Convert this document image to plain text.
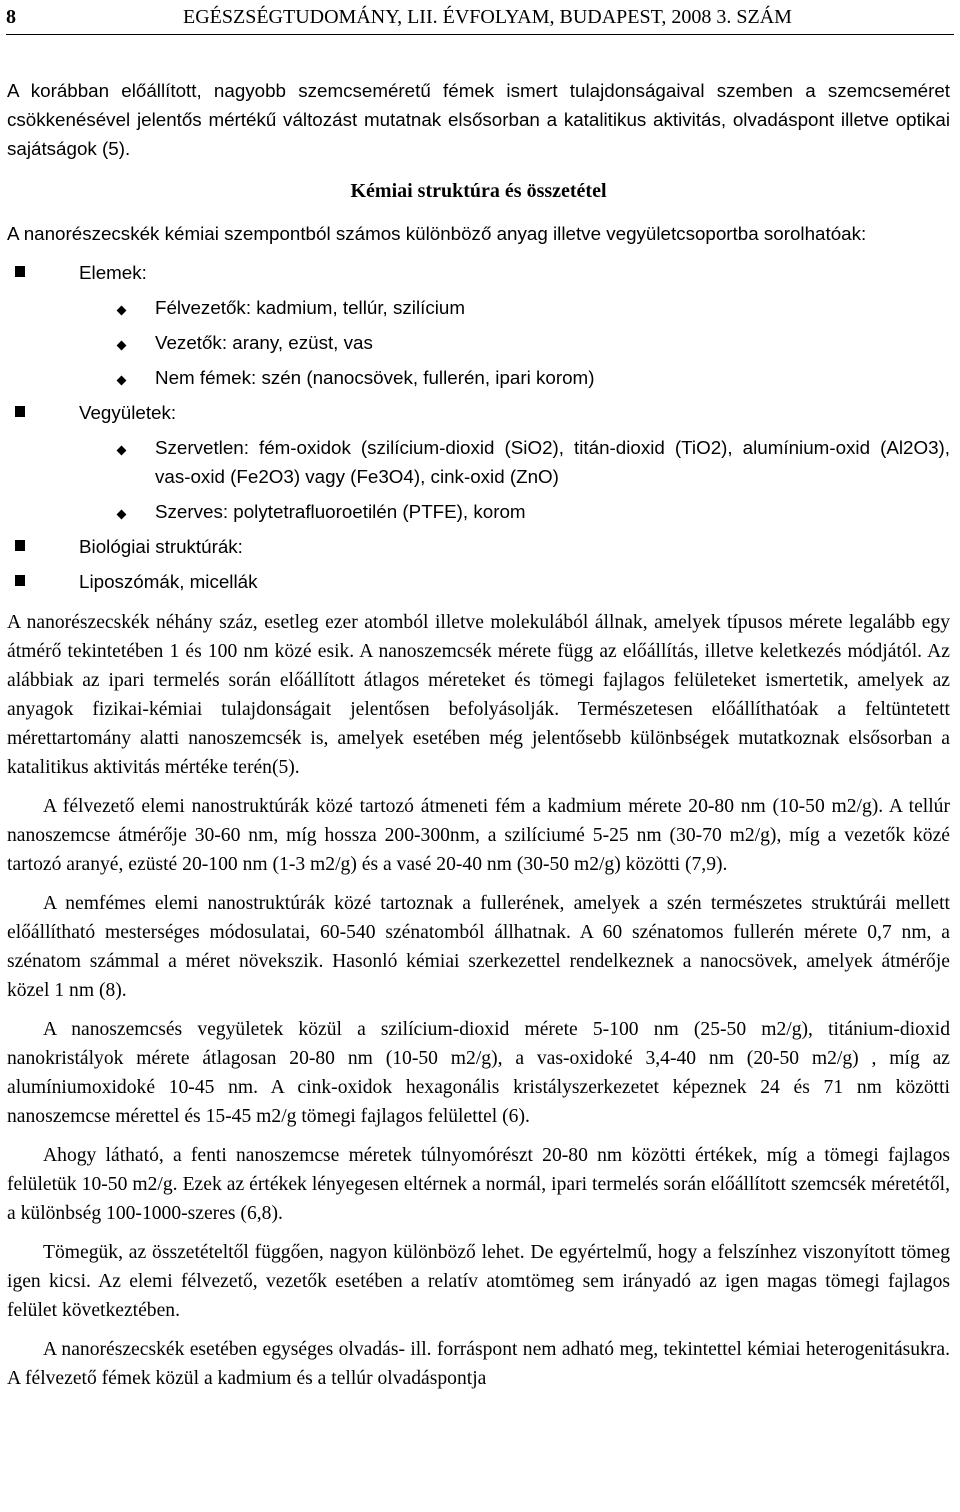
8	EGÉSZSÉGTUDOMÁNY, LII. ÉVFOLYAM, BUDAPEST, 2008 3. SZÁM

A korábban előállított, nagyobb szemcseméretű fémek ismert tulajdonságaival szemben a szemcseméret csökkenésével jelentős mértékű változást mutatnak elsősorban a katalitikus aktivitás, olvadáspont illetve optikai sajátságok (5).

Kémiai struktúra és összetétel

A nanorészecskék kémiai szempontból számos különböző anyag illetve vegyületcsoportba sorolhatóak:

Elemek:
Félvezetők: kadmium, tellúr, szilícium
Vezetők: arany, ezüst, vas
Nem fémek: szén (nanocsövek, fullerén, ipari korom)
Vegyületek:
Szervetlen: fém-oxidok (szilícium-dioxid (SiO2), titán-dioxid (TiO2), alumínium-oxid (Al2O3), vas-oxid (Fe2O3) vagy (Fe3O4), cink-oxid (ZnO)
Szerves: polytetrafluoroetilén (PTFE), korom
Biológiai struktúrák:
Liposzómák, micellák

A nanorészecskék néhány száz, esetleg ezer atomból illetve molekulából állnak, amelyek típusos mérete legalább egy átmérő tekintetében 1 és 100 nm közé esik. A nanoszemcsék mérete függ az előállítás, illetve keletkezés módjától. Az alábbiak az ipari termelés során előállított átlagos méreteket és tömegi fajlagos felületeket ismertetik, amelyek az anyagok fizikai-kémiai tulajdonságait jelentősen befolyásolják. Természetesen előállíthatóak a feltüntetett mérettartomány alatti nanoszemcsék is, amelyek esetében még jelentősebb különbségek mutatkoznak elsősorban a katalitikus aktivitás mértéke terén(5).

A félvezető elemi nanostruktúrák közé tartozó átmeneti fém a kadmium mérete 20-80 nm (10-50 m2/g). A tellúr nanoszemcse átmérője 30-60 nm, míg hossza 200-300nm, a szilíciumé 5-25 nm (30-70 m2/g), míg a vezetők közé tartozó aranyé, ezüsté 20-100 nm (1-3 m2/g) és a vasé 20-40 nm (30-50 m2/g) közötti (7,9).

A nemfémes elemi nanostruktúrák közé tartoznak a fullerének, amelyek a szén természetes struktúrái mellett előállítható mesterséges módosulatai, 60-540 szénatomból állhatnak. A 60 szénatomos fullerén mérete 0,7 nm, a szénatom számmal a méret növekszik. Hasonló kémiai szerkezettel rendelkeznek a nanocsövek, amelyek átmérője közel 1 nm (8).

A nanoszemcsés vegyületek közül a szilícium-dioxid mérete 5-100 nm (25-50 m2/g), titánium-dioxid nanokristályok mérete átlagosan 20-80 nm (10-50 m2/g), a vas-oxidoké 3,4-40 nm (20-50 m2/g) , míg az alumíniumoxidoké 10-45 nm. A cink-oxidok hexagonális kristályszerkezetet képeznek 24 és 71 nm közötti nanoszemcse mérettel és 15-45 m2/g tömegi fajlagos felülettel (6).

Ahogy látható, a fenti nanoszemcse méretek túlnyomórészt 20-80 nm közötti értékek, míg a tömegi fajlagos felületük 10-50 m2/g. Ezek az értékek lényegesen eltérnek a normál, ipari termelés során előállított szemcsék méretétől, a különbség 100-1000-szeres (6,8).

Tömegük, az összetételtől függően, nagyon különböző lehet. De egyértelmű, hogy a felszínhez viszonyított tömeg igen kicsi. Az elemi félvezető, vezetők esetében a relatív atomtömeg sem irányadó az igen magas tömegi fajlagos felület következtében.

A nanorészecskék esetében egységes olvadás- ill. forráspont nem adható meg, tekintettel kémiai heterogenitásukra. A félvezető fémek közül a kadmium és a tellúr olvadáspontja
